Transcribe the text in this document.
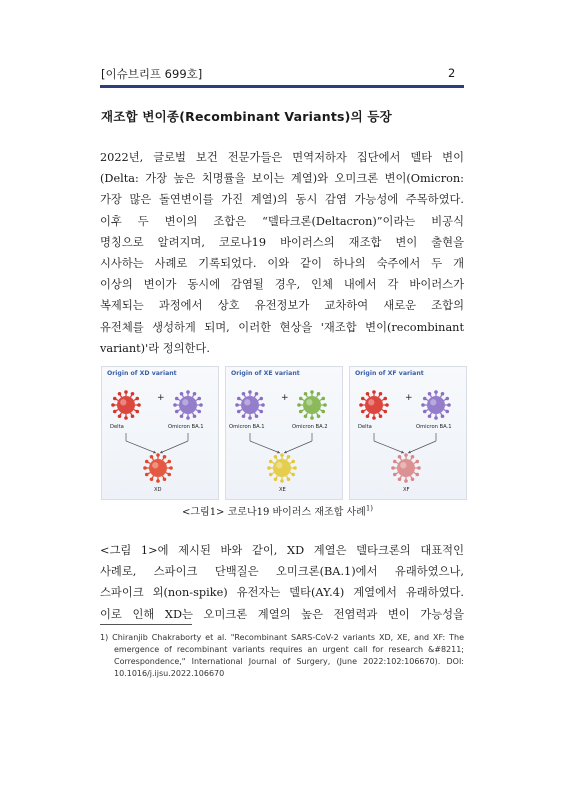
[이슈브리프 699호]	2
재조합 변이종(Recombinant Variants)의 등장
2022년, 글로벌 보건 전문가들은 면역저하자 집단에서 델타 변이
(Delta: 가장 높은 치명률을 보이는 계열)와 오미크론 변이(Omicron:
가장 많은 돌연변이를 가진 계열)의 동시 감염 가능성에 주목하였다.
이후 두 변이의 조합은 “델타크론(Deltacron)”이라는 비공식
명칭으로 알려지며, 코로나19 바이러스의 재조합 변이 출현을
시사하는 사례로 기록되었다. 이와 같이 하나의 숙주에서 두 개
이상의 변이가 동시에 감염될 경우, 인체 내에서 각 바이러스가
복제되는 과정에서 상호 유전정보가 교차하여 새로운 조합의
유전체를 생성하게 되며, 이러한 현상을 '재조합 변이(recombinant
variant)'라 정의한다.
Origin of XD variant
Delta	Omicron BA.1
XD
+
Origin of XE variant
Omicron BA.1	Omicron BA.2
XE
+
Origin of XF variant
Delta	Omicron BA.1
XF
+
<그림1> 코로나19 바이러스 재조합 사례$^{1)}$
<그림 1>에 제시된 바와 같이, XD 계열은 델타크론의 대표적인
사례로, 스파이크 단백질은 오미크론(BA.1)에서 유래하였으나,
스파이크 외(non-spike) 유전자는 델타(AY.4) 계열에서 유래하였다.
이로 인해 XD는 오미크론 계열의 높은 전염력과 변이 가능성을
1) Chiranjib Chakraborty et al. "Recombinant SARS-CoV-2 variants XD, XE, and XF: The
emergence of recombinant variants requires an urgent call for research &#8211;
Correspondence," International Journal of Surgery, (June 2022:102:106670). DOI:
10.1016/j.ijsu.2022.106670
